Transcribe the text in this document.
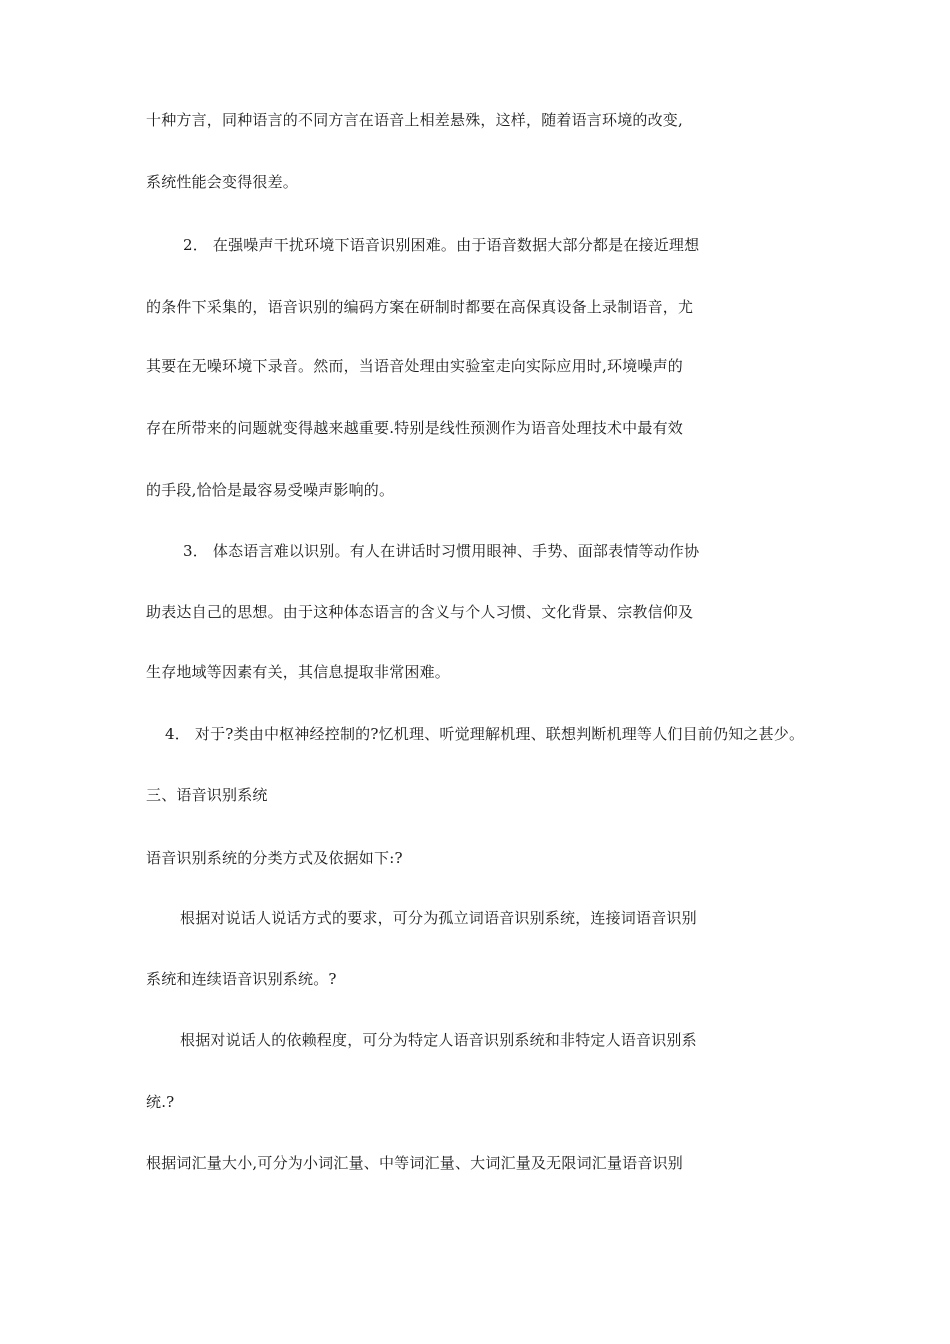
十种方言，同种语言的不同方言在语音上相差悬殊，这样，随着语言环境的改变,
系统性能会变得很差。
2． 在强噪声干扰环境下语音识别困难。由于语音数据大部分都是在接近理想
的条件下采集的，语音识别的编码方案在研制时都要在高保真设备上录制语音，尤
其要在无噪环境下录音。然而，当语音处理由实验室走向实际应用时,环境噪声的
存在所带来的问题就变得越来越重要.特别是线性预测作为语音处理技术中最有效
的手段,恰恰是最容易受噪声影响的。
3． 体态语言难以识别。有人在讲话时习惯用眼神、手势、面部表情等动作协
助表达自己的思想。由于这种体态语言的含义与个人习惯、文化背景、宗教信仰及
生存地域等因素有关，其信息提取非常困难。
4． 对于?类由中枢神经控制的?忆机理、听觉理解机理、联想判断机理等人们目前仍知之甚少。
三、语音识别系统
语音识别系统的分类方式及依据如下:?
根据对说话人说话方式的要求，可分为孤立词语音识别系统，连接词语音识别
系统和连续语音识别系统。?
根据对说话人的依赖程度，可分为特定人语音识别系统和非特定人语音识别系
统.?
根据词汇量大小,可分为小词汇量、中等词汇量、大词汇量及无限词汇量语音识别
